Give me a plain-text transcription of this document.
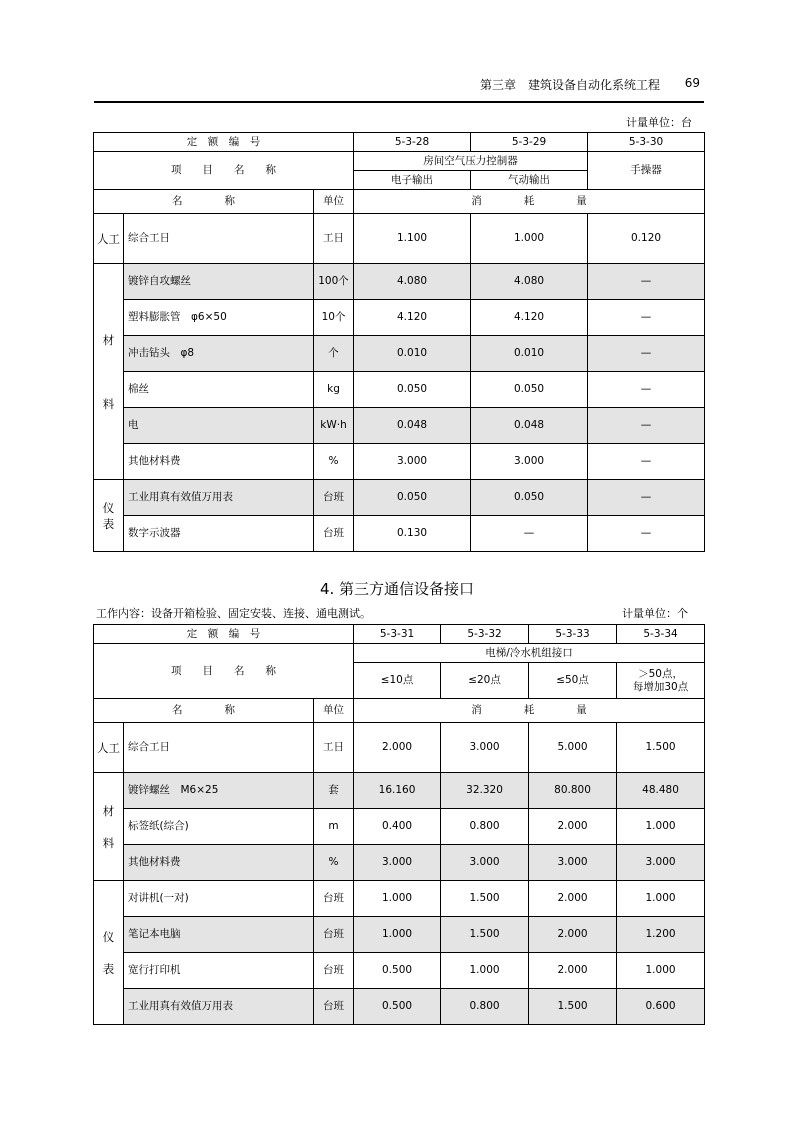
第三章 建筑设备自动化系统工程 69
计量单位：台
定　额　编　号			5-3-28	5-3-29	5-3-30
项　　目　　名　　称			房间空气压力控制器		手操器
			电子输出	气动输出	
名　　　　称		单位	消　　　　耗　　　　量		
人工	综合工日	工日	1.100	1.000	0.120
材

料	镀锌自攻螺丝	100个	4.080	4.080	—
	塑料膨胀管　φ6×50	10个	4.120	4.120	—
	冲击钻头　φ8	个	0.010	0.010	—
	棉丝	kg	0.050	0.050	—
	电	kW·h	0.048	0.048	—
	其他材料费	%	3.000	3.000	—
仪表	工业用真有效值万用表	台班	0.050	0.050	—
	数字示波器	台班	0.130	—	—
4. 第三方通信设备接口
工作内容：设备开箱检验、固定安装、连接、通电测试。	计量单位：个
定　额　编　号			5-3-31	5-3-32	5-3-33	5-3-34
项　　目　　名　　称			电梯/冷水机组接口			
			≤10点	≤20点	≤50点	＞50点，
每增加30点
名　　　　称		单位	消　　　　耗　　　　量			
人工	综合工日	工日	2.000	3.000	5.000	1.500
材

料	镀锌螺丝　M6×25	套	16.160	32.320	80.800	48.480
	标签纸(综合)	m	0.400	0.800	2.000	1.000
	其他材料费	%	3.000	3.000	3.000	3.000
仪

表	对讲机(一对)	台班	1.000	1.500	2.000	1.000
	笔记本电脑	台班	1.000	1.500	2.000	1.200
	宽行打印机	台班	0.500	1.000	2.000	1.000
	工业用真有效值万用表	台班	0.500	0.800	1.500	0.600
